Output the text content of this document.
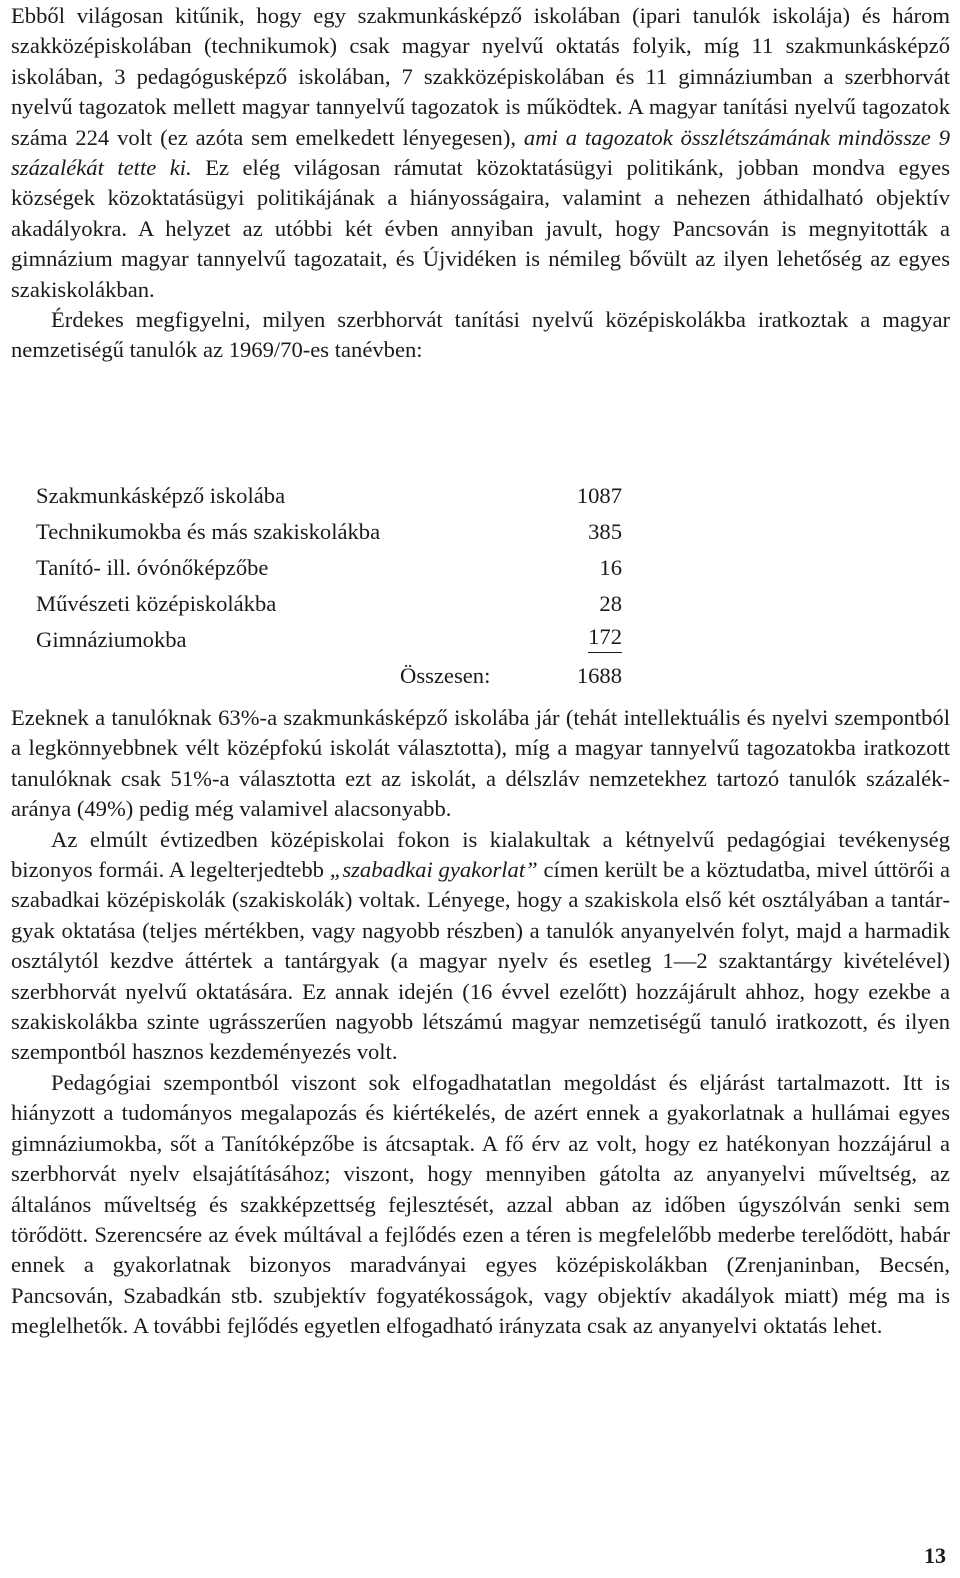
Ebből világosan kitűnik, hogy egy szakmunkásképző iskolában (ipari tanulók iskolája) és három szakközépiskolában (technikumok) csak magyar nyelvű oktatás folyik, míg 11 szakmunkásképző iskolában, 3 pedagógusképző iskolában, 7 szakközépiskolában és 11 gimnáziumban a szerbhorvát nyelvű tagozatok mellett magyar tannyelvű tagozatok is működtek. A magyar tanítási nyelvű tagozatok száma 224 volt (ez azóta sem emelkedett lényegesen), ami a tagozatok összlétszámának mindössze 9 százalékát tette ki. Ez elég világosan rámutat közoktatásügyi politikánk, jobban mondva egyes községek közoktatásügyi politikájának a hiányosságaira, valamint a nehezen áthidalható objektív akadályokra. A helyzet az utóbbi két évben annyiban javult, hogy Pancsován is megnyitották a gimnázium magyar tannyelvű tagozatait, és Újvidéken is némileg bővült az ilyen lehetőség az egyes szakiskolákban.

Érdekes megfigyelni, milyen szerbhorvát tanítási nyelvű középiskolákba iratkoztak a magyar nemzetiségű tanulók az 1969/70-es tanévben:

Szakmunkásképző iskolába	1087
Technikumokba és más szakiskolákba	385
Tanító- ill. óvónőképzőbe	16
Művészeti középiskolákba	28
Gimnáziumokba	172
Összesen:	1688

Ezeknek a tanulóknak 63%-a szakmunkásképző iskolába jár (tehát intellektuális és nyelvi szempontból a legkönnyebbnek vélt középfokú iskolát választotta), míg a magyar tannyelvű tagozatokba iratkozott tanulóknak csak 51%-a választotta ezt az iskolát, a délszláv nemzetekhez tartozó tanulók százalékaránya (49%) pedig még valamivel alacsonyabb.

Az elmúlt évtizedben középiskolai fokon is kialakultak a kétnyelvű pedagógiai tevékenység bizonyos formái. A legelterjedtebb „szabadkai gyakorlat” címen került be a köztudatba, mivel úttörői a szabadkai középiskolák (szakiskolák) voltak. Lényege, hogy a szakiskola első két osztályában a tantárgyak oktatása (teljes mértékben, vagy nagyobb részben) a tanulók anyanyelvén folyt, majd a harmadik osztálytól kezdve áttértek a tantárgyak (a magyar nyelv és esetleg 1—2 szaktantárgy kivételével) szerbhorvát nyelvű oktatására. Ez annak idején (16 évvel ezelőtt) hozzájárult ahhoz, hogy ezekbe a szakiskolákba szinte ugrásszerűen nagyobb létszámú magyar nemzetiségű tanuló iratkozott, és ilyen szempontból hasznos kezdeményezés volt.

Pedagógiai szempontból viszont sok elfogadhatatlan megoldást és eljárást tartalmazott. Itt is hiányzott a tudományos megalapozás és kiértékelés, de azért ennek a gyakorlatnak a hullámai egyes gimnáziumokba, sőt a Tanítóképzőbe is átcsaptak. A fő érv az volt, hogy ez hatékonyan hozzájárul a szerbhorvát nyelv elsajátításához; viszont, hogy mennyiben gátolta az anyanyelvi műveltség, az általános műveltség és szakképzettség fejlesztését, azzal abban az időben úgyszólván senki sem törődött. Szerencsére az évek múltával a fejlődés ezen a téren is megfelelőbb mederbe terelődött, habár ennek a gyakorlatnak bizonyos maradványai egyes középiskolákban (Zrenjaninban, Becsén, Pancsován, Szabadkán stb. szubjektív fogyatékosságok, vagy objektív akadályok miatt) még ma is meglelhetők. A további fejlődés egyetlen elfogadható irányzata csak az anyanyelvi oktatás lehet.

13
